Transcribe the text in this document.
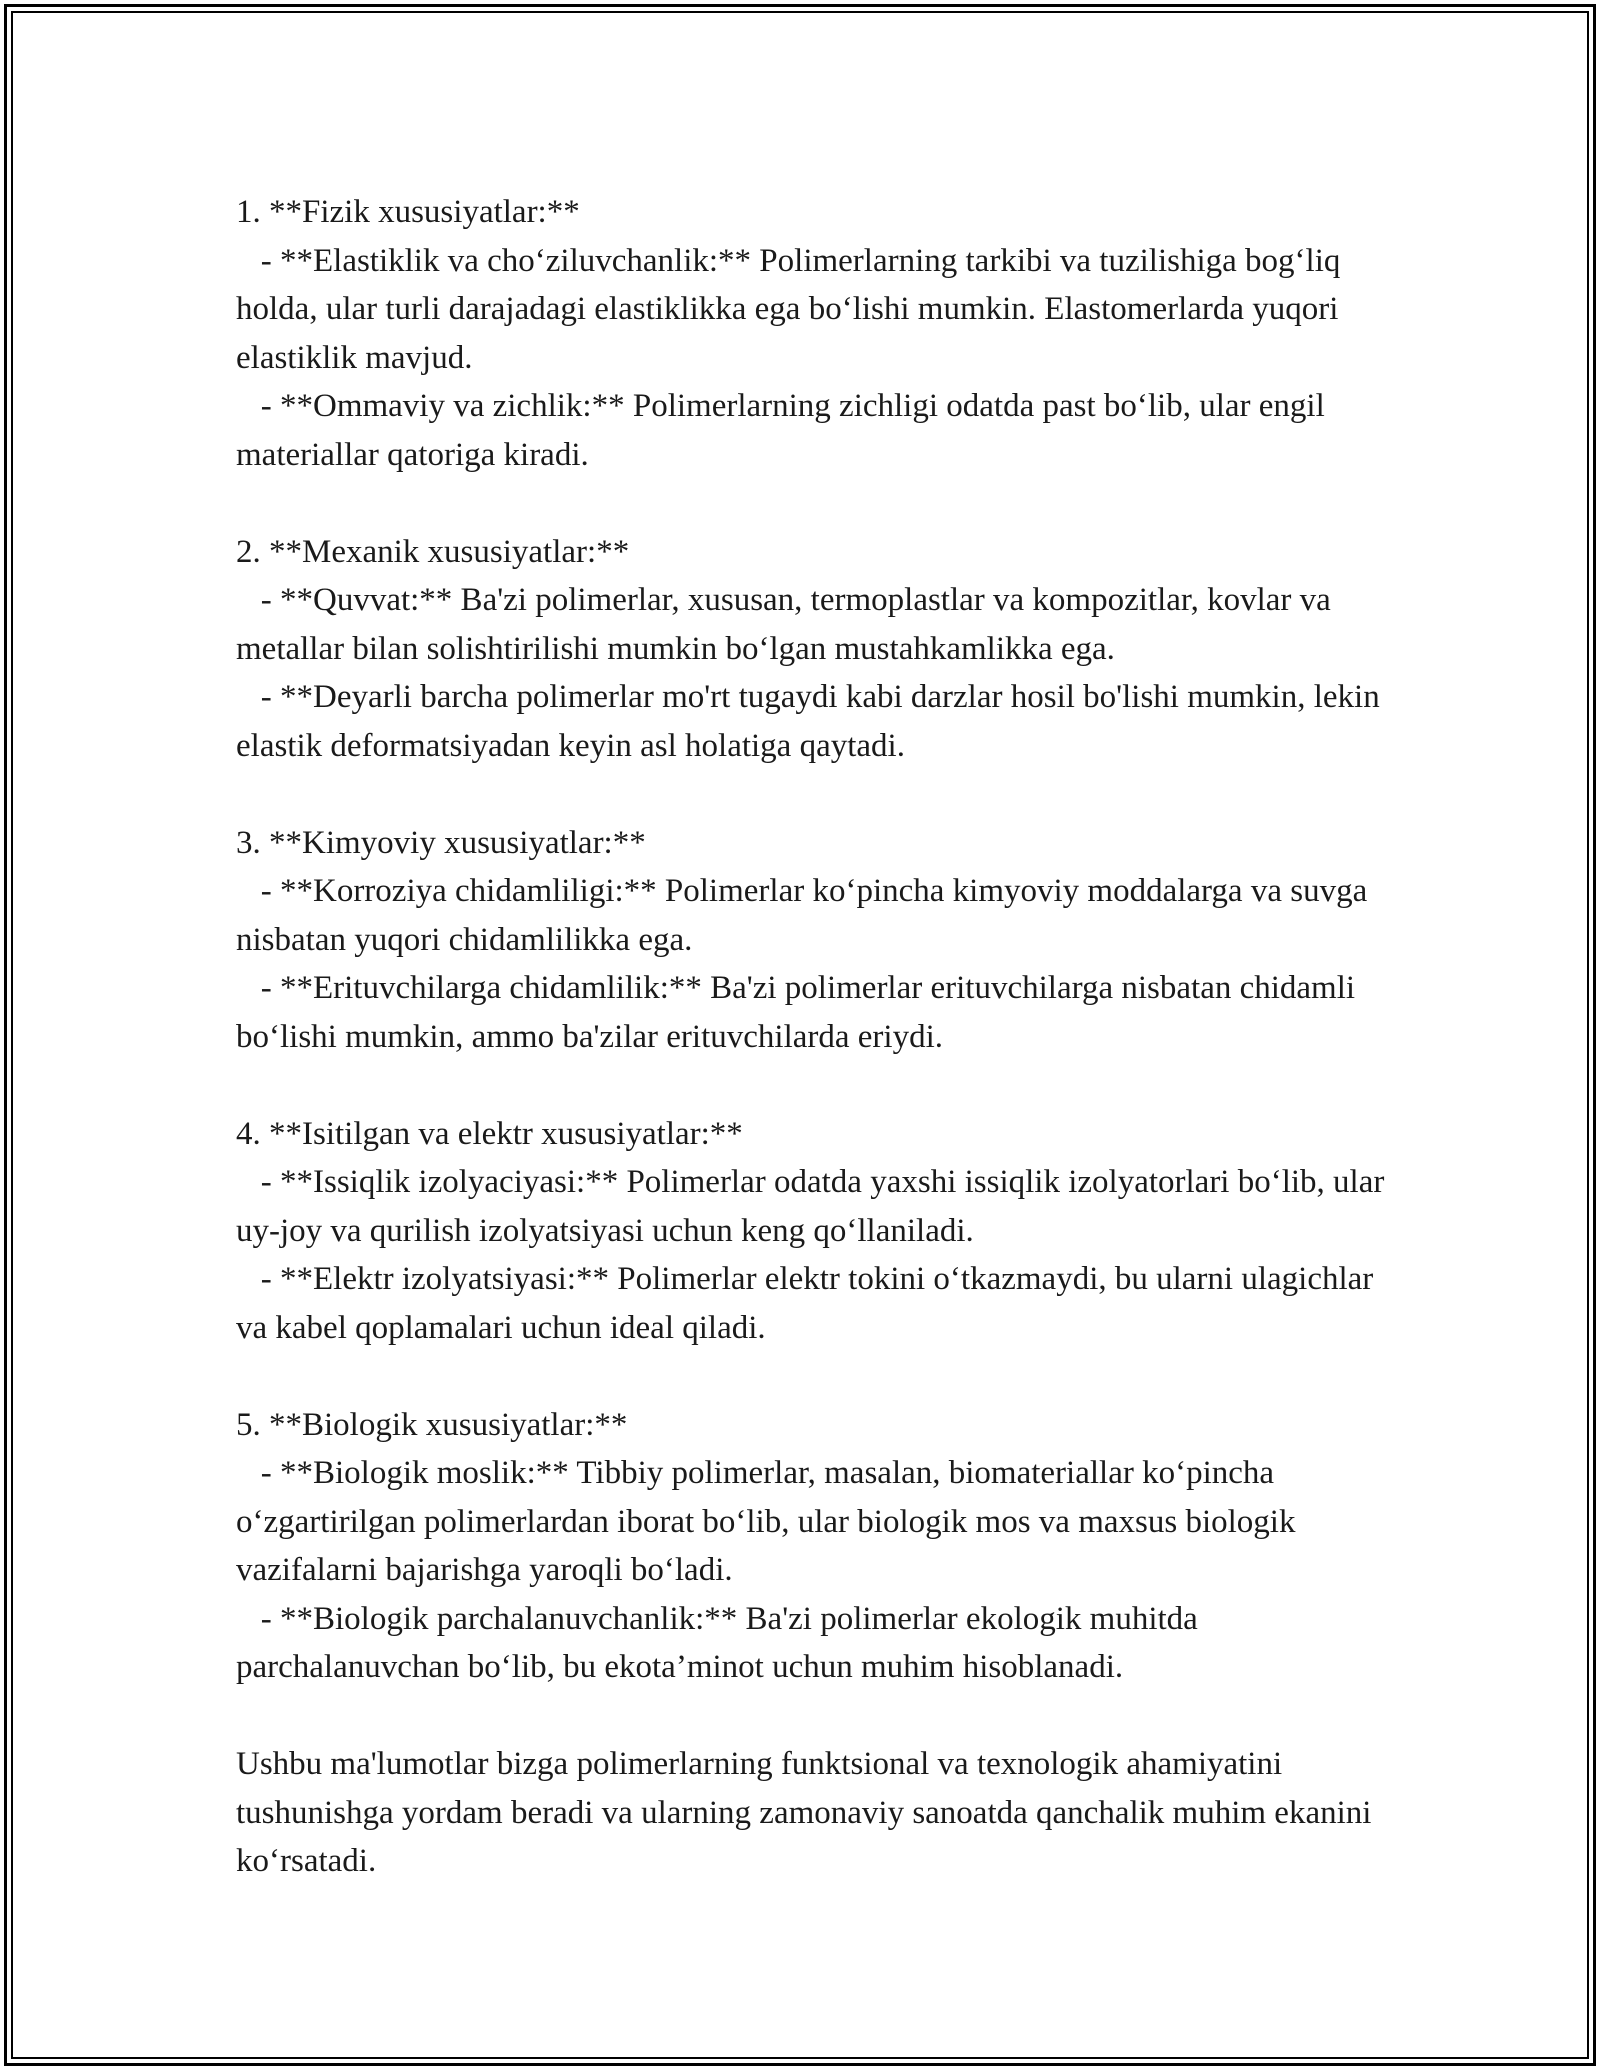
1. **Fizik xususiyatlar:**

- **Elastiklik va cho‘ziluvchanlik:** Polimerlarning tarkibi va tuzilishiga bog‘liq holda, ular turli darajadagi elastiklikka ega bo‘lishi mumkin. Elastomerlarda yuqori elastiklik mavjud.

- **Ommaviy va zichlik:** Polimerlarning zichligi odatda past bo‘lib, ular engil materiallar qatoriga kiradi.

2. **Mexanik xususiyatlar:**

- **Quvvat:** Ba'zi polimerlar, xususan, termoplastlar va kompozitlar, kovlar va metallar bilan solishtirilishi mumkin bo‘lgan mustahkamlikka ega.

- **Deyarli barcha polimerlar mo'rt tugaydi kabi darzlar hosil bo'lishi mumkin, lekin elastik deformatsiyadan keyin asl holatiga qaytadi.

3. **Kimyoviy xususiyatlar:**

- **Korroziya chidamliligi:** Polimerlar ko‘pincha kimyoviy moddalarga va suvga nisbatan yuqori chidamlilikka ega.

- **Erituvchilarga chidamlilik:** Ba'zi polimerlar erituvchilarga nisbatan chidamli bo‘lishi mumkin, ammo ba'zilar erituvchilarda eriydi.

4. **Isitilgan va elektr xususiyatlar:**

- **Issiqlik izolyaciyasi:** Polimerlar odatda yaxshi issiqlik izolyatorlari bo‘lib, ular uy-joy va qurilish izolyatsiyasi uchun keng qo‘llaniladi.

- **Elektr izolyatsiyasi:** Polimerlar elektr tokini o‘tkazmaydi, bu ularni ulagichlar va kabel qoplamalari uchun ideal qiladi.

5. **Biologik xususiyatlar:**

- **Biologik moslik:** Tibbiy polimerlar, masalan, biomateriallar ko‘pincha o‘zgartirilgan polimerlardan iborat bo‘lib, ular biologik mos va maxsus biologik vazifalarni bajarishga yaroqli bo‘ladi.

- **Biologik parchalanuvchanlik:** Ba'zi polimerlar ekologik muhitda parchalanuvchan bo‘lib, bu ekota’minot uchun muhim hisoblanadi.

Ushbu ma'lumotlar bizga polimerlarning funktsional va texnologik ahamiyatini tushunishga yordam beradi va ularning zamonaviy sanoatda qanchalik muhim ekanini ko‘rsatadi.
